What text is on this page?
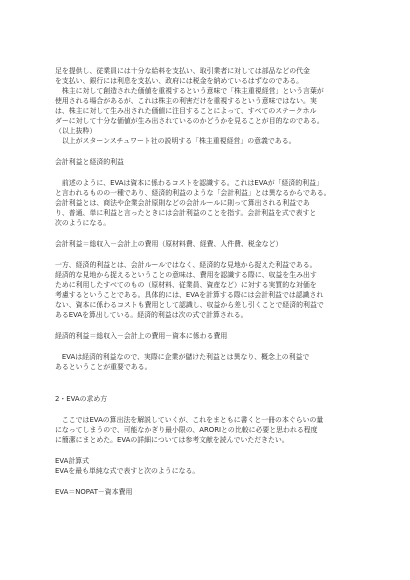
足を提供し、従業員には十分な給料を支払い、取引業者に対しては部品などの代金
を支払い、銀行には利息を支払い、政府には税金を納めているはずなのである。
　株主に対して創造された価値を重視するという意味で「株主重視経営」という言葉が
使用される場合があるが、これは株主の利害だけを重視するという意味ではない。実
は、株主に対して生み出された価値に注目することによって、すべてのステークホル
ダーに対して十分な価値が生み出されているのかどうかを見ることが目的なのである。
（以上抜粋）
　以上がスターンスチュワート社の説明する「株主重視経営」の意義である。
会計利益と経済的利益
　前述のように、EVAは資本に係わるコストを認識する。これはEVAが「経済的利益」
と言われるものの一種であり、経済的利益のような「会計利益」とは異なるからである。
会計利益とは、商法や企業会計原則などの会計ルールに則って算出される利益であ
り、普通、単に利益と言ったときには会計利益のことを指す。会計利益を式で表すと
次のようになる。
会計利益＝総収入－会計上の費用（原材料費、経費、人件費、税金など）
一方、経済的利益とは、会計ルールではなく、経済的な見地から捉えた利益である。
経済的な見地から捉えるということの意味は、費用を認識する際に、収益を生み出す
ために利用したすべてのもの（原材料、従業員、資産など）に対する実質的な対価を
考慮するということである。具体的には、EVAを計算する際には会計利益では認識され
ない、資本に係わるコストも費用として認識し、収益から差し引くことで経済的利益で
あるEVAを算出している。経済的利益は次の式で計算される。
経済的利益＝総収入－会計上の費用－資本に係わる費用
　EVAは経済的利益なので、実際に企業が儲けた利益とは異なり、概念上の利益で
あるということが重要である。
2・EVAの求め方
　ここではEVAの算出法を解説していくが、これをまともに書くと一冊の本ぐらいの量
になってしまうので、可能なかぎり最小限の、ARORIとの比較に必要と思われる程度
に簡潔にまとめた。EVAの詳細については参考文献を読んでいただきたい。
EVA計算式
EVAを最も単純な式で表すと次のようになる。
EVA＝NOPAT－資本費用
